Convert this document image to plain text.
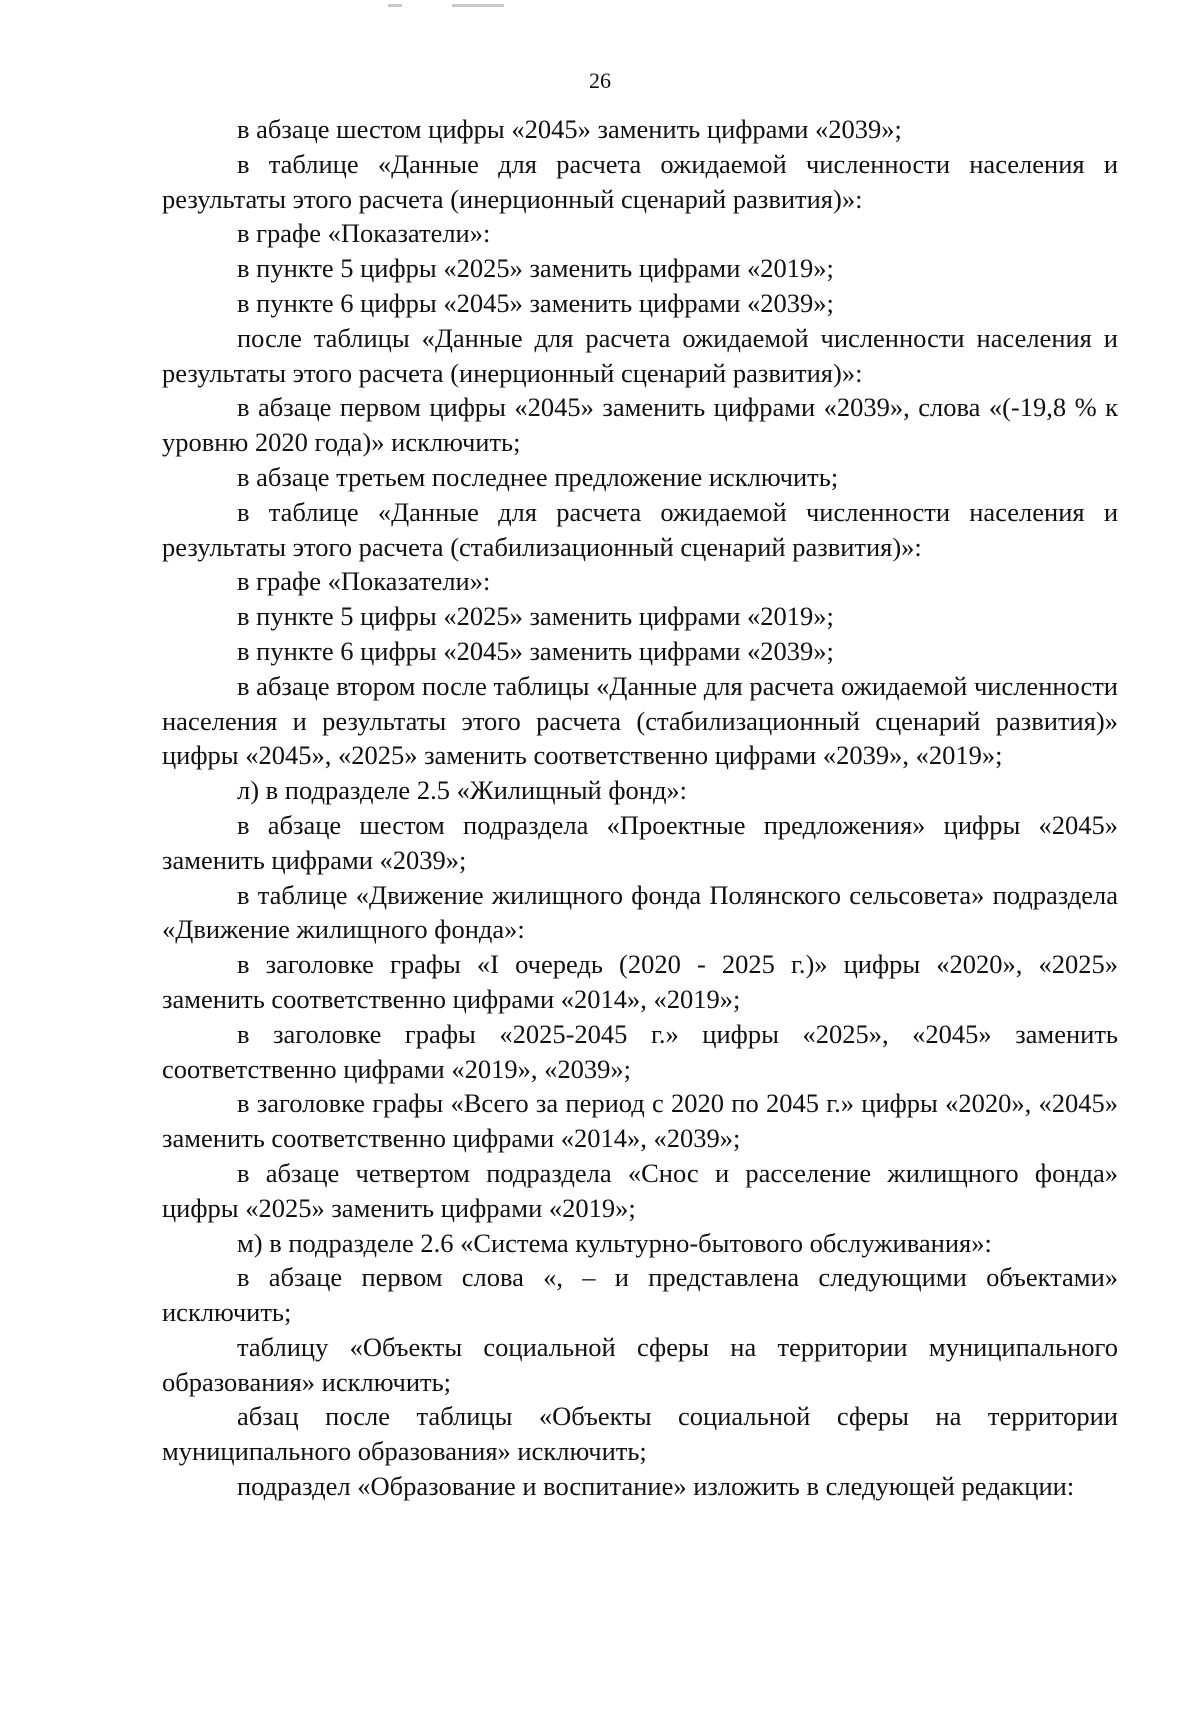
26

в абзаце шестом цифры «2045» заменить цифрами «2039»;

в таблице «Данные для расчета ожидаемой численности населения и результаты этого расчета (инерционный сценарий развития)»:

в графе «Показатели»:

в пункте 5 цифры «2025» заменить цифрами «2019»;

в пункте 6 цифры «2045» заменить цифрами «2039»;

после таблицы «Данные для расчета ожидаемой численности населения и результаты этого расчета (инерционный сценарий развития)»:

в абзаце первом цифры «2045» заменить цифрами «2039», слова «(-19,8 % к уровню 2020 года)» исключить;

в абзаце третьем последнее предложение исключить;

в таблице «Данные для расчета ожидаемой численности населения и результаты этого расчета (стабилизационный сценарий развития)»:

в графе «Показатели»:

в пункте 5 цифры «2025» заменить цифрами «2019»;

в пункте 6 цифры «2045» заменить цифрами «2039»;

в абзаце втором после таблицы «Данные для расчета ожидаемой численности населения и результаты этого расчета (стабилизационный сценарий развития)» цифры «2045», «2025» заменить соответственно цифрами «2039», «2019»;

л) в подразделе 2.5 «Жилищный фонд»:

в абзаце шестом подраздела «Проектные предложения» цифры «2045» заменить цифрами «2039»;

в таблице «Движение жилищного фонда Полянского сельсовета» подраздела «Движение жилищного фонда»:

в заголовке графы «I очередь (2020 - 2025 г.)» цифры «2020», «2025» заменить соответственно цифрами «2014», «2019»;

в заголовке графы «2025-2045 г.» цифры «2025», «2045» заменить соответственно цифрами «2019», «2039»;

в заголовке графы «Всего за период с 2020 по 2045 г.» цифры «2020», «2045» заменить соответственно цифрами «2014», «2039»;

в абзаце четвертом подраздела «Снос и расселение жилищного фонда» цифры «2025» заменить цифрами «2019»;

м) в подразделе 2.6 «Система культурно-бытового обслуживания»:

в абзаце первом слова «, – и представлена следующими объектами» исключить;

таблицу «Объекты социальной сферы на территории муниципального образования» исключить;

абзац после таблицы «Объекты социальной сферы на территории муниципального образования» исключить;

подраздел «Образование и воспитание» изложить в следующей редакции:
